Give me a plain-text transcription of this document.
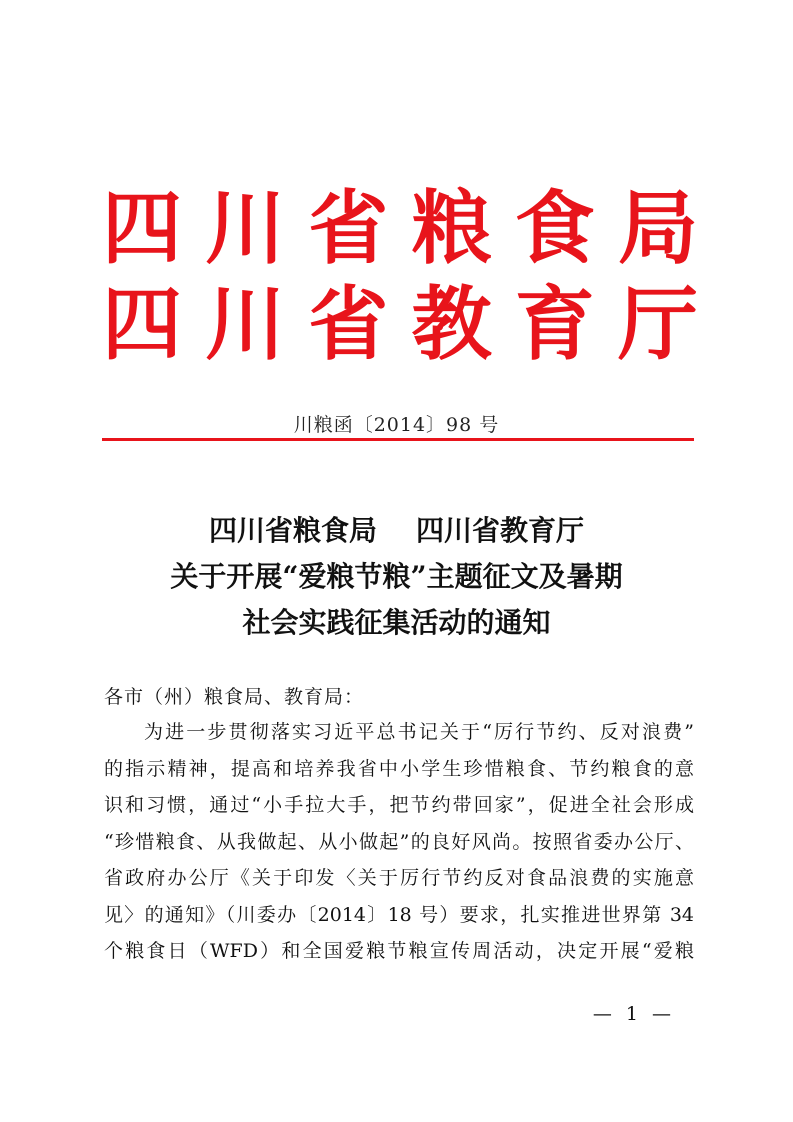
四 川 省 粮 食 局
四 川 省 教 育 厅
川粮函〔2014〕98 号
四川省粮食局    四川省教育厅
关于开展“爱粮节粮”主题征文及暑期
社会实践征集活动的通知
各市（州）粮食局、教育局：
为进一步贯彻落实习近平总书记关于“厉行节约、反对浪费”
的指示精神，提高和培养我省中小学生珍惜粮食、节约粮食的意
识和习惯，通过“小手拉大手，把节约带回家”，促进全社会形成
“珍惜粮食、从我做起、从小做起”的良好风尚。按照省委办公厅、
省政府办公厅《关于印发〈关于厉行节约反对食品浪费的实施意
见〉的通知》（川委办〔2014〕18 号）要求，扎实推进世界第 34
个粮食日（WFD）和全国爱粮节粮宣传周活动，决定开展“爱粮
— 1 —
